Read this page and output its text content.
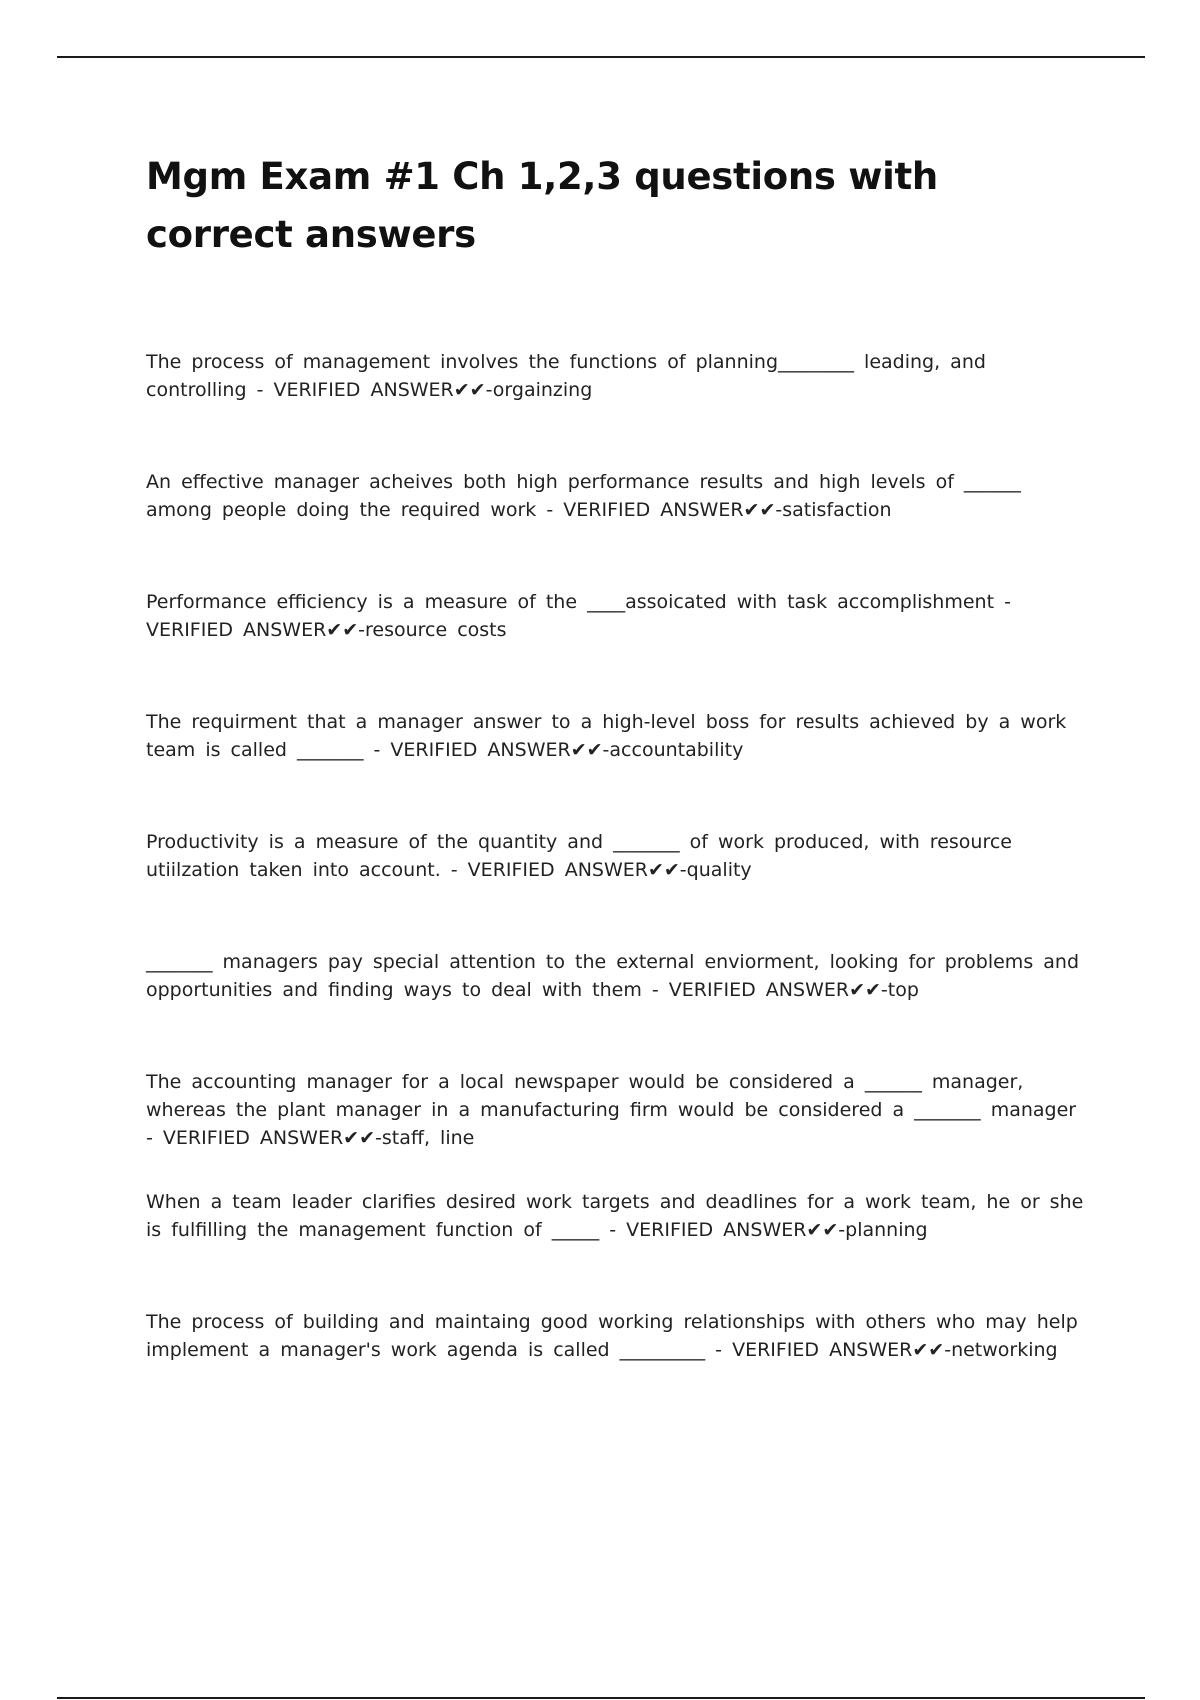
Mgm Exam #1 Ch 1,2,3 questions with correct answers
The process of management involves the functions of planning________ leading, and controlling - VERIFIED ANSWER✔✔-orgainzing
An effective manager acheives both high performance results and high levels of ______ among people doing the required work - VERIFIED ANSWER✔✔-satisfaction
Performance efficiency is a measure of the ____assoicated with task accomplishment - VERIFIED ANSWER✔✔-resource costs
The requirment that a manager answer to a high-level boss for results achieved by a work team is called _______ - VERIFIED ANSWER✔✔-accountability
Productivity is a measure of the quantity and _______ of work produced, with resource utiilzation taken into account. - VERIFIED ANSWER✔✔-quality
_______ managers pay special attention to the external enviorment, looking for problems and opportunities and finding ways to deal with them - VERIFIED ANSWER✔✔-top
The accounting manager for a local newspaper would be considered a ______ manager, whereas the plant manager in a manufacturing firm would be considered a _______ manager - VERIFIED ANSWER✔✔-staff, line
When a team leader clarifies desired work targets and deadlines for a work team, he or she is fulfilling the management function of _____ - VERIFIED ANSWER✔✔-planning
The process of building and maintaing good working relationships with others who may help implement a manager's work agenda is called _________ - VERIFIED ANSWER✔✔-networking
